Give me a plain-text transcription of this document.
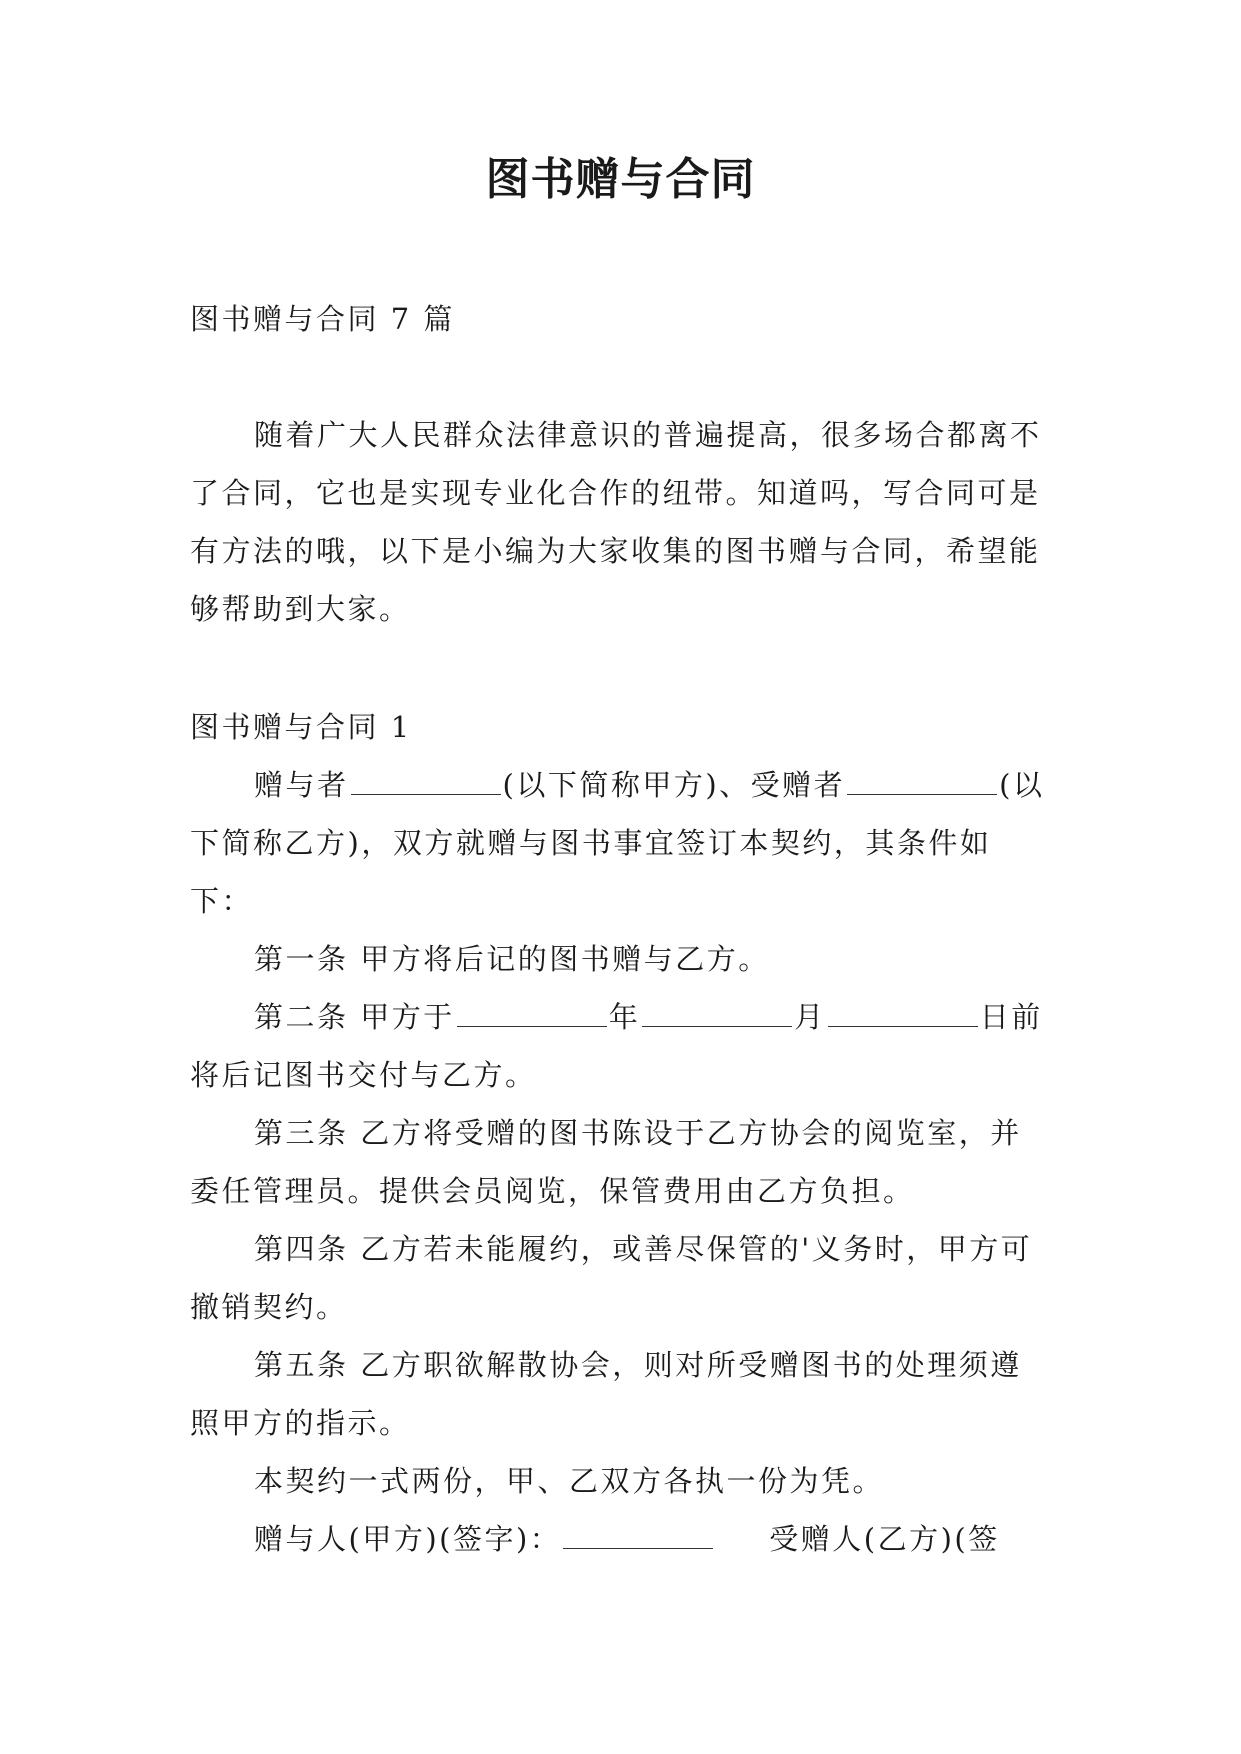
图书赠与合同

图书赠与合同 7 篇

随着广大人民群众法律意识的普遍提高，很多场合都离不了合同，它也是实现专业化合作的纽带。知道吗，写合同可是有方法的哦，以下是小编为大家收集的图书赠与合同，希望能够帮助到大家。

图书赠与合同 1

赠与者	(以下简称甲方)、受赠者	(以下简称乙方)，双方就赠与图书事宜签订本契约，其条件如下：

第一条 甲方将后记的图书赠与乙方。

第二条 甲方于	年	月	日前将后记图书交付与乙方。

第三条 乙方将受赠的图书陈设于乙方协会的阅览室，并委任管理员。提供会员阅览，保管费用由乙方负担。

第四条 乙方若未能履约，或善尽保管的'义务时，甲方可撤销契约。

第五条 乙方职欲解散协会，则对所受赠图书的处理须遵照甲方的指示。

本契约一式两份，甲、乙双方各执一份为凭。

赠与人(甲方)(签字)：	受赠人(乙方)(签
